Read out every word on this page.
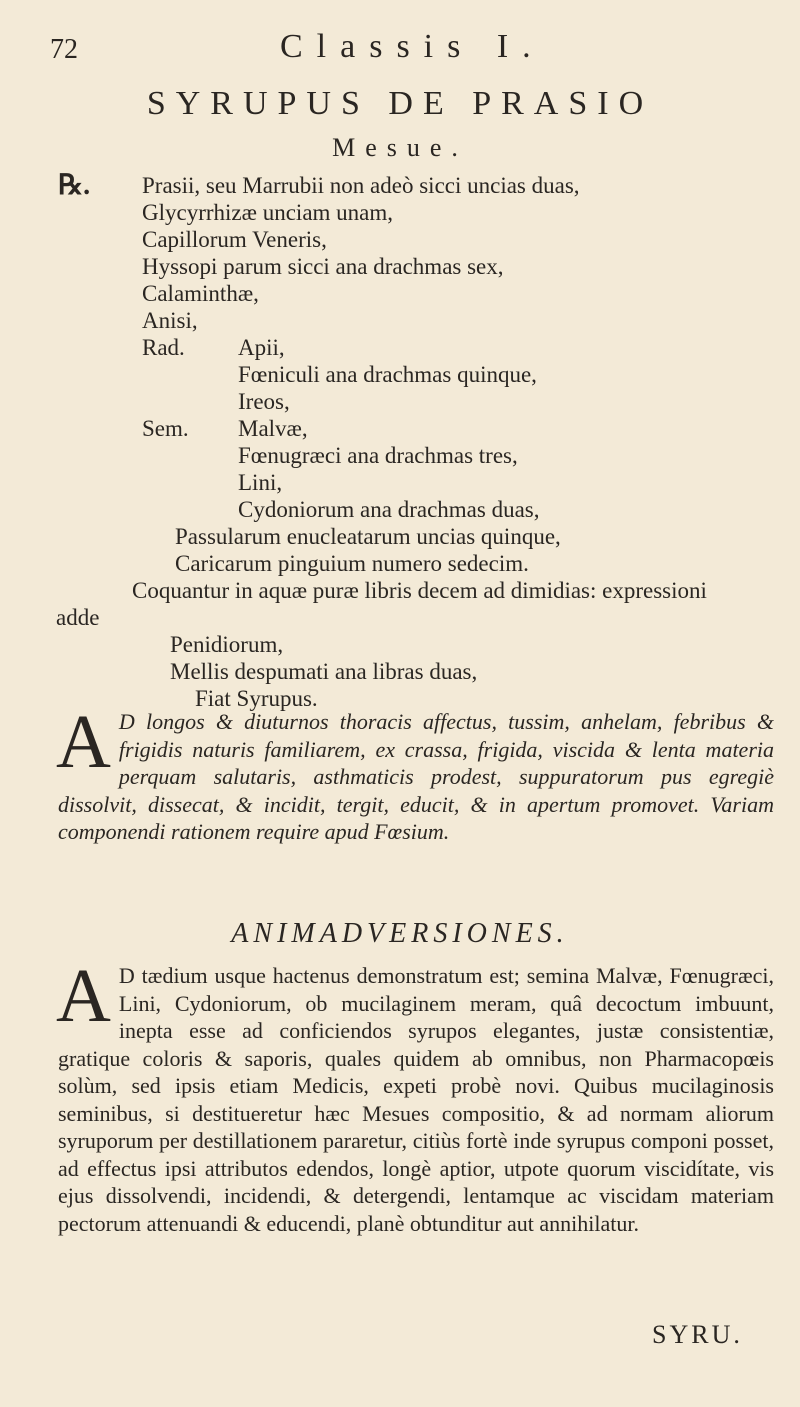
72	Classis I.
SYRUPUS DE PRASIO
Mesue.
℞. Prasii, seu Marrubii non adeò sicci uncias duas,
Glycyrrhizæ unciam unam,
Capillorum Veneris,
Hyssopi parum sicci ana drachmas sex,
Calaminthæ,
Anisi,
Rad. Apii,
Fœniculi ana drachmas quinque,
Ireos,
Sem. Malvæ,
Fœnugræci ana drachmas tres,
Lini,
Cydoniorum ana drachmas duas,
Passularum enucleatarum uncias quinque,
Caricarum pinguium numero sedecim.
Coquantur in aquæ puræ libris decem ad dimidias: expressioni
adde
Penidiorum,
Mellis despumati ana libras duas,
Fiat Syrupus.
A D longos & diuturnos thoracis affectus, tussim, anhelam, febribus & frigidis naturis familiarem, ex crassa, frigida, viscida & lenta materia perquam salutaris, asthmaticis prodest, suppuratorum pus egregiè dissolvit, dissecat, & incidit, tergit, educit, & in apertum promovet. Variam componendi rationem require apud Fœsium.
ANIMADVERSIONES.
A D tædium usque hactenus demonstratum est; semina Malvæ, Fœnugræci, Lini, Cydoniorum, ob mucilaginem meram, quâ decoctum imbuunt, inepta esse ad conficiendos syrupos elegantes, justæ consistentiæ, gratique coloris & saporis, quales quidem ab omnibus, non Pharmacopœis solùm, sed ipsis etiam Medicis, expeti probè novi. Quibus mucilaginosis seminibus, si destitueretur hæc Mesues compositio, & ad normam aliorum syruporum per destillationem pararetur, citiùs fortè inde syrupus componi posset, ad effectus ipsi attributos edendos, longè aptior, utpote quorum viscidítate, vis ejus dissolvendi, incidendi, & detergendi, lentamque ac viscidam materiam pectorum attenuandi & educendi, planè obtunditur aut annihilatur.
SYRU.
